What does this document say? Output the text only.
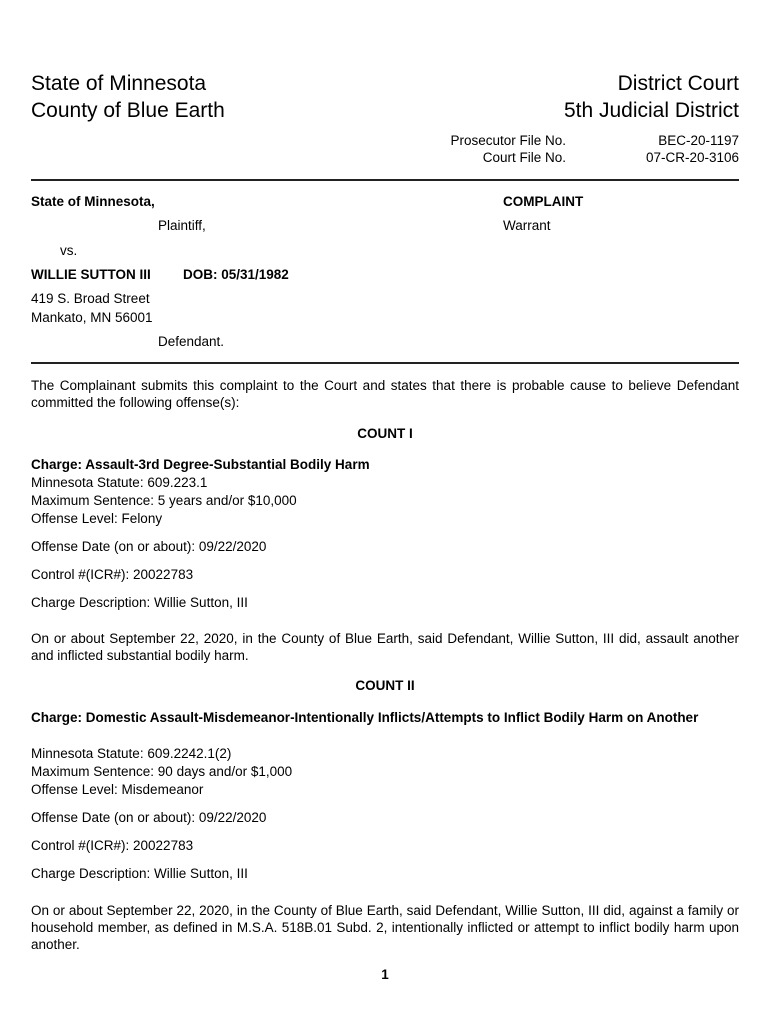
State of Minnesota
County of Blue Earth
District Court
5th Judicial District
Prosecutor File No.	BEC-20-1197
Court File No.	07-CR-20-3106
State of Minnesota,
Plaintiff,
vs.
WILLIE SUTTON III DOB: 05/31/1982
419 S. Broad Street
Mankato, MN 56001
Defendant.
COMPLAINT
Warrant
The Complainant submits this complaint to the Court and states that there is probable cause to believe Defendant committed the following offense(s):
COUNT I
Charge: Assault-3rd Degree-Substantial Bodily Harm
Minnesota Statute: 609.223.1
Maximum Sentence: 5 years and/or $10,000
Offense Level: Felony
Offense Date (on or about): 09/22/2020
Control #(ICR#): 20022783
Charge Description: Willie Sutton, III
On or about September 22, 2020, in the County of Blue Earth, said Defendant, Willie Sutton, III did, assault another and inflicted substantial bodily harm.
COUNT II
Charge: Domestic Assault-Misdemeanor-Intentionally Inflicts/Attempts to Inflict Bodily Harm on Another
Minnesota Statute: 609.2242.1(2)
Maximum Sentence: 90 days and/or $1,000
Offense Level: Misdemeanor
Offense Date (on or about): 09/22/2020
Control #(ICR#): 20022783
Charge Description: Willie Sutton, III
On or about September 22, 2020, in the County of Blue Earth, said Defendant, Willie Sutton, III did, against a family or household member, as defined in M.S.A. 518B.01 Subd. 2, intentionally inflicted or attempt to inflict bodily harm upon another.
1
